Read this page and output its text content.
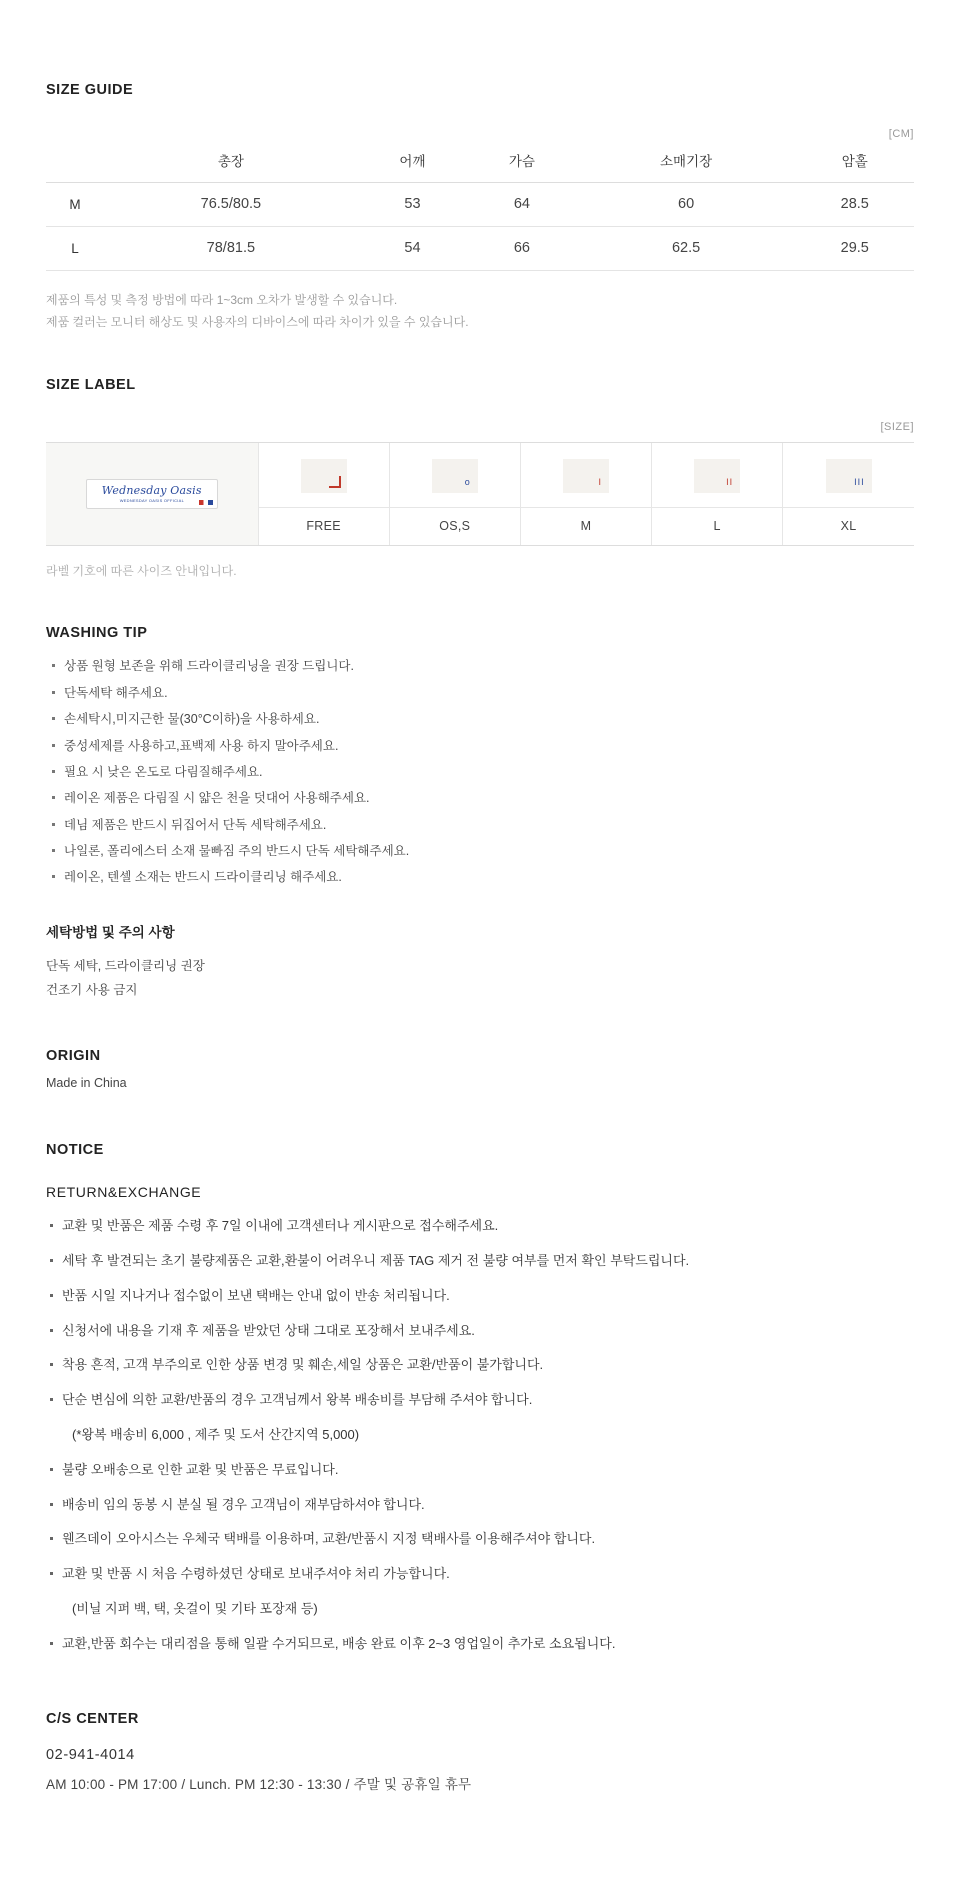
SIZE GUIDE
[CM]
	총장	어깨	가슴	소매기장	암홀
M	76.5/80.5	53	64	60	28.5
L	78/81.5	54	66	62.5	29.5
제품의 특성 및 측정 방법에 따라 1~3cm 오차가 발생할 수 있습니다.
제품 컬러는 모니터 해상도 및 사용자의 디바이스에 따라 차이가 있을 수 있습니다.
SIZE LABEL
[SIZE]
Wednesday Oasis
WEDNESDAY OASIS OFFICIAL		o	I	II	III

	FREE	OS,S	M	L	XL
라벨 기호에 따른 사이즈 안내입니다.
WASHING TIP
상품 원형 보존을 위해 드라이클리닝을 권장 드립니다.
단독세탁 해주세요.
손세탁시,미지근한 물(30°C이하)을 사용하세요.
중성세제를 사용하고,표백제 사용 하지 말아주세요.
필요 시 낮은 온도로 다림질해주세요.
레이온 제품은 다림질 시 얇은 천을 덧대어 사용해주세요.
데님 제품은 반드시 뒤집어서 단독 세탁해주세요.
나일론, 폴리에스터 소재 물빠짐 주의 반드시 단독 세탁해주세요.
레이온, 텐셀 소재는 반드시 드라이클리닝 해주세요.
세탁방법 및 주의 사항
단독 세탁, 드라이클리닝 권장
건조기 사용 금지
ORIGIN
Made in China
NOTICE
RETURN&EXCHANGE
교환 및 반품은 제품 수령 후 7일 이내에 고객센터나 게시판으로 접수해주세요.
세탁 후 발견되는 초기 불량제품은 교환,환불이 어려우니 제품 TAG 제거 전 불량 여부를 먼저 확인 부탁드립니다.
반품 시일 지나거나 접수없이 보낸 택배는 안내 없이 반송 처리됩니다.
신청서에 내용을 기재 후 제품을 받았던 상태 그대로 포장해서 보내주세요.
착용 흔적, 고객 부주의로 인한 상품 변경 및 훼손,세일 상품은 교환/반품이 불가합니다.
단순 변심에 의한 교환/반품의 경우 고객님께서 왕복 배송비를 부담해 주셔야 합니다.
(*왕복 배송비 6,000 , 제주 및 도서 산간지역 5,000)
불량 오배송으로 인한 교환 및 반품은 무료입니다.
배송비 임의 동봉 시 분실 될 경우 고객님이 재부담하셔야 합니다.
웬즈데이 오아시스는 우체국 택배를 이용하며, 교환/반품시 지정 택배사를 이용해주셔야 합니다.
교환 및 반품 시 처음 수령하셨던 상태로 보내주셔야 처리 가능합니다.
(비닐 지퍼 백, 택, 옷걸이 및 기타 포장재 등)
교환,반품 회수는 대리점을 통해 일괄 수거되므로, 배송 완료 이후 2~3 영업일이 추가로 소요됩니다.
C/S CENTER
02-941-4014
AM 10:00 - PM 17:00 / Lunch. PM 12:30 - 13:30 / 주말 및 공휴일 휴무
